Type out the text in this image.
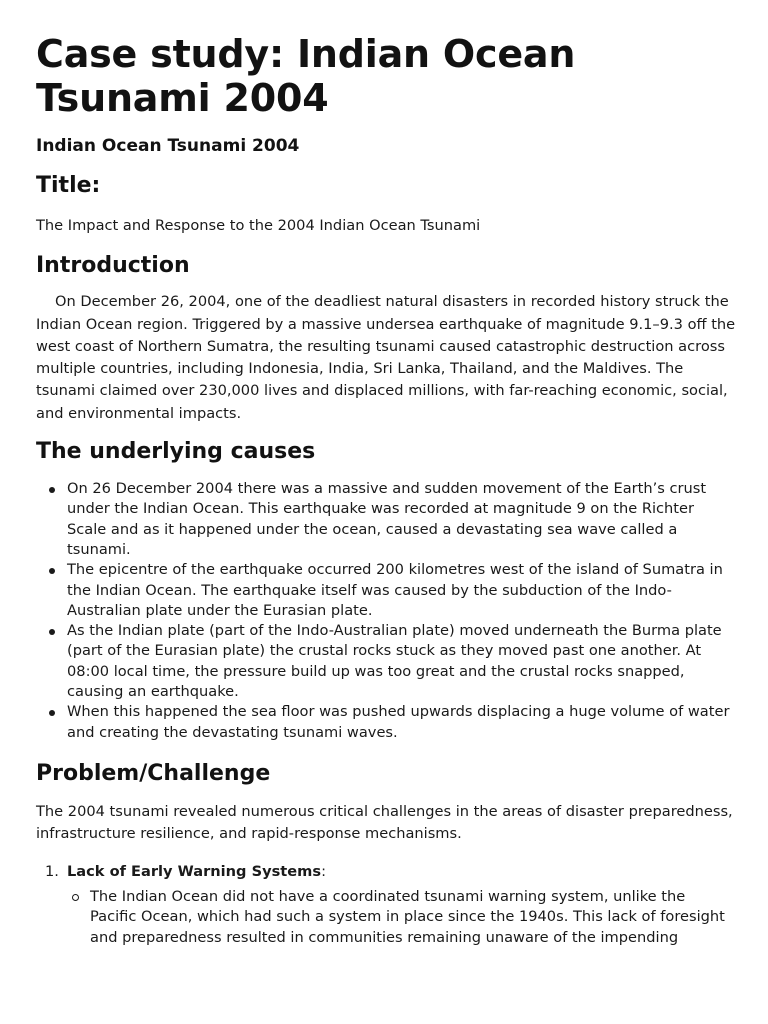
Case study: Indian Ocean Tsunami 2004
Indian Ocean Tsunami 2004
Title:

The Impact and Response to the 2004 Indian Ocean Tsunami

Introduction

On December 26, 2004, one of the deadliest natural disasters in recorded history struck the Indian Ocean region. Triggered by a massive undersea earthquake of magnitude 9.1–9.3 off the west coast of Northern Sumatra, the resulting tsunami caused catastrophic destruction across multiple countries, including Indonesia, India, Sri Lanka, Thailand, and the Maldives. The tsunami claimed over 230,000 lives and displaced millions, with far-reaching economic, social, and environmental impacts.

The underlying causes
On 26 December 2004 there was a massive and sudden movement of the Earth’s crust under the Indian Ocean. This earthquake was recorded at magnitude 9 on the Richter Scale and as it happened under the ocean, caused a devastating sea wave called a tsunami.
The epicentre of the earthquake occurred 200 kilometres west of the island of Sumatra in the Indian Ocean. The earthquake itself was caused by the subduction of the Indo-Australian plate under the Eurasian plate.
As the Indian plate (part of the Indo-Australian plate) moved underneath the Burma plate (part of the Eurasian plate) the crustal rocks stuck as they moved past one another. At 08:00 local time, the pressure build up was too great and the crustal rocks snapped, causing an earthquake.
When this happened the sea floor was pushed upwards displacing a huge volume of water and creating the devastating tsunami waves.
Problem/Challenge

The 2004 tsunami revealed numerous critical challenges in the areas of disaster preparedness, infrastructure resilience, and rapid-response mechanisms.

1. Lack of Early Warning Systems:
The Indian Ocean did not have a coordinated tsunami warning system, unlike the Pacific Ocean, which had such a system in place since the 1940s. This lack of foresight and preparedness resulted in communities remaining unaware of the impending
